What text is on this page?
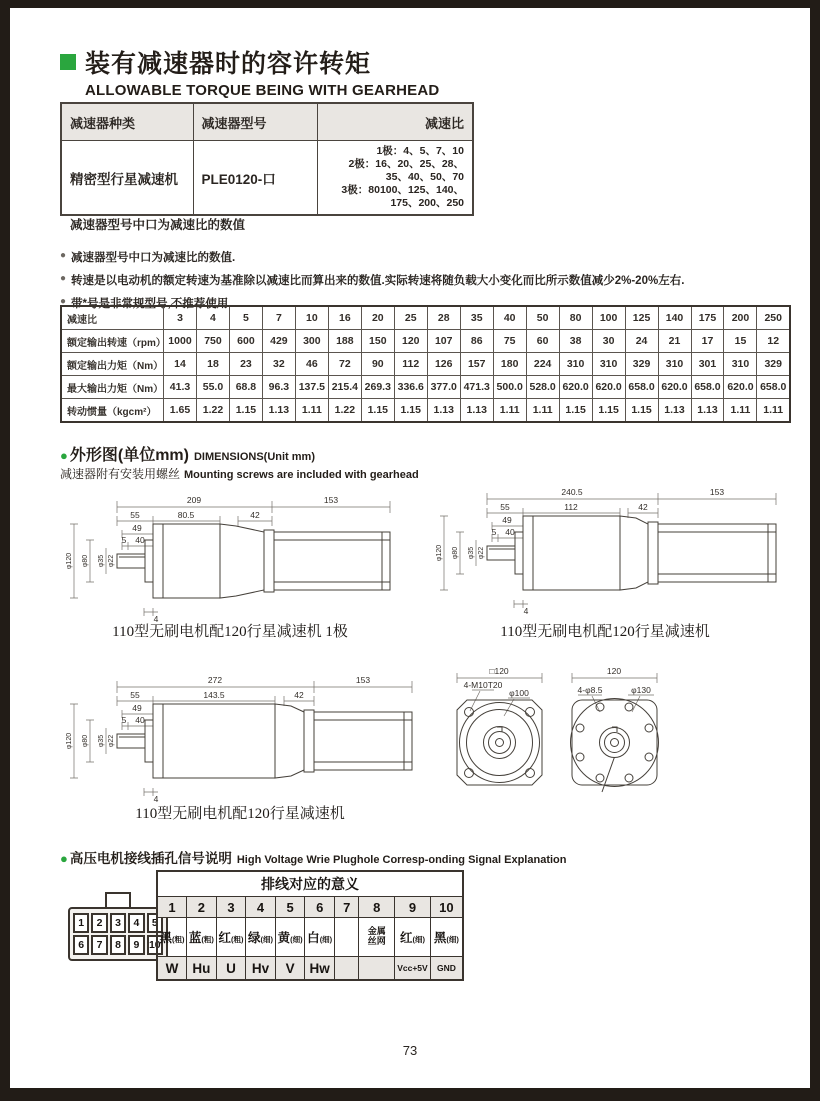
装有减速器时的容许转矩
ALLOWABLE TORQUE BEING WITH GEARHEAD
减速器种类	减速器型号	减速比
精密型行星减速机	PLE0120-口	1极：4、5、7、10
2极：16、20、25、28、
35、40、50、70
3极：80100、125、140、
175、200、250
减速器型号中口为减速比的数值
● 减速器型号中口为减速比的数值.
● 转速是以电动机的额定转速为基准除以减速比而算出来的数值.实际转速将随负载大小变化而比所示数值减少2%-20%左右.
● 带*号是非常规型号,不推荐使用.
减速比	3	4	5	7	10	16	20	25	28	35	40	50	80	100	125	140	175	200	250
额定输出转速（rpm）	1000	750	600	429	300	188	150	120	107	86	75	60	38	30	24	21	17	15	12
额定输出力矩（Nm）	14	18	23	32	46	72	90	112	126	157	180	224	310	310	329	310	301	310	329
最大输出力矩（Nm）	41.3	55.0	68.8	96.3	137.5	215.4	269.3	336.6	377.0	471.3	500.0	528.0	620.0	620.0	658.0	620.0	658.0	620.0	658.0
转动惯量（kgcm²）	1.65	1.22	1.15	1.13	1.11	1.22	1.15	1.15	1.13	1.13	1.11	1.11	1.15	1.15	1.15	1.13	1.13	1.11	1.11
● 外形图(单位mm) DIMENSIONS(Unit mm)
减速器附有安装用螺丝 Mounting screws are included with gearhead
209	153
55	80.5	42
49
5 40
4
φ120 φ80 φ35 φ22
110型无刷电机配120行星减速机 1极
240.5	153
55	112	42
49
5 40
4
φ120 φ80 φ35 φ22
110型无刷电机配120行星减速机
272	153
55	143.5	42
49
5 40
4
φ120 φ80 φ35 φ22
110型无刷电机配120行星减速机
□120
4-M10T20
φ100
120
4-φ8.5	φ130
● 高压电机接线插孔信号说明 High Voltage Wrie Plughole Corresp-onding Signal Explanation
1	2	3	4	5
6	7	8	9 10
排线对应的意义									
1	2	3	4	5	6	7	8	9	10
黑(粗)	蓝(粗)	红(粗)	绿(细)	黄(细)	白(细)		金属丝网	红(细)	黑(细)
W	Hu	U	Hv	V	Hw			Vcc+5V	GND
73
